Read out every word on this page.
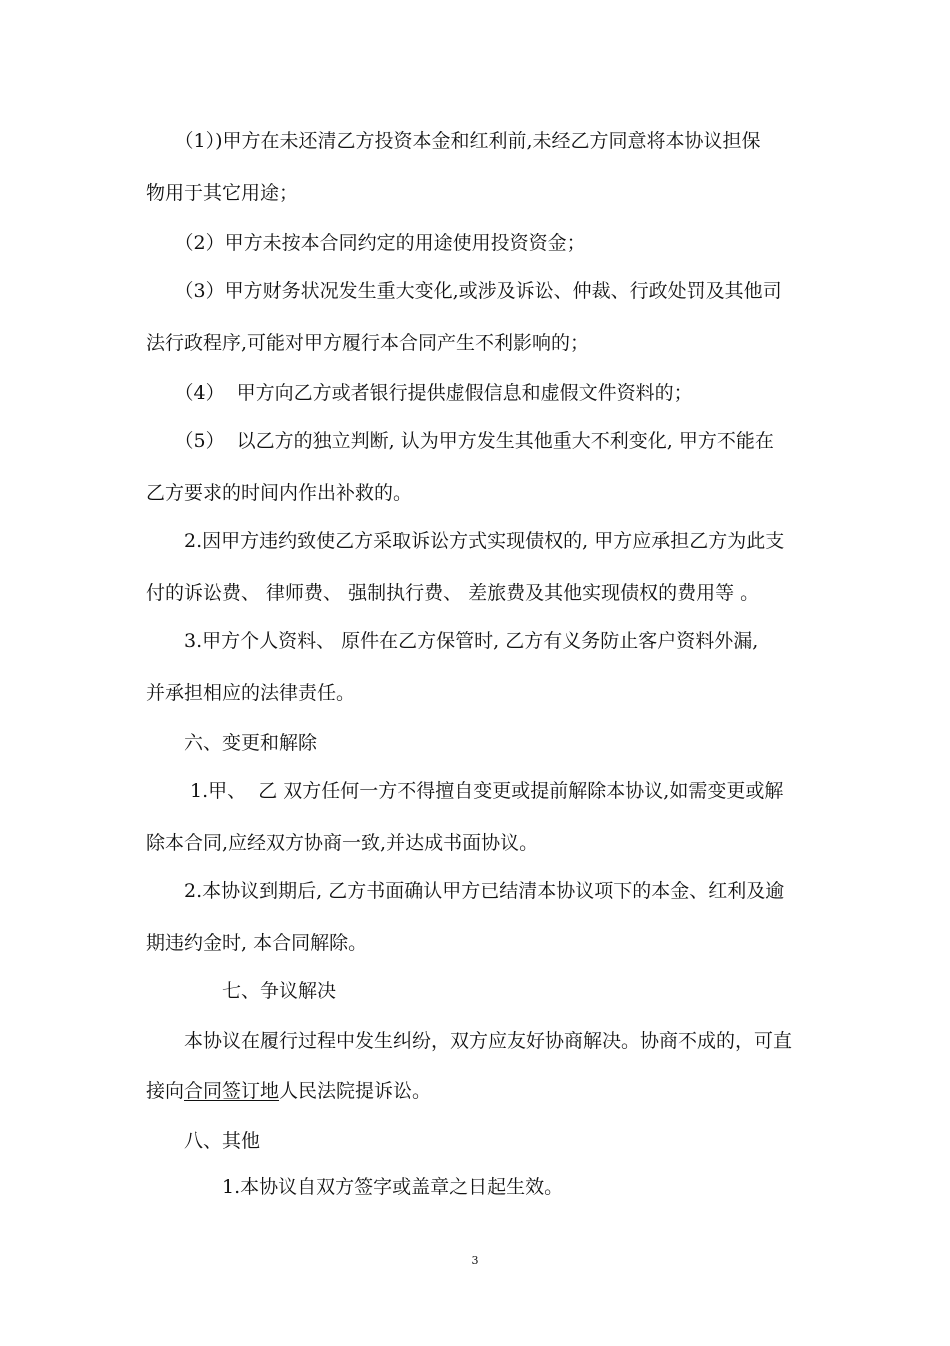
　　（1）)甲方在未还清乙方投资本金和红利前,未经乙方同意将本协议担保
物用于其它用途；
　　（2）甲方未按本合同约定的用途使用投资资金；
　　（3）甲方财务状况发生重大变化,或涉及诉讼、仲裁、行政处罚及其他司
法行政程序,可能对甲方履行本合同产生不利影响的；
　　（4）  甲方向乙方或者银行提供虚假信息和虚假文件资料的；
　　（5）  以乙方的独立判断, 认为甲方发生其他重大不利变化, 甲方不能在
乙方要求的时间内作出补救的。
　　2.因甲方违约致使乙方采取诉讼方式实现债权的, 甲方应承担乙方为此支
付的诉讼费、 律师费、 强制执行费、 差旅费及其他实现债权的费用等 。
　　3.甲方个人资料、 原件在乙方保管时, 乙方有义务防止客户资料外漏,
并承担相应的法律责任。
　　六、变更和解除
　　 1.甲、  乙 双方任何一方不得擅自变更或提前解除本协议,如需变更或解
除本合同,应经双方协商一致,并达成书面协议。
　　2.本协议到期后, 乙方书面确认甲方已结清本协议项下的本金、红利及逾
期违约金时, 本合同解除。
　　　　七、争议解决
　　本协议在履行过程中发生纠纷，双方应友好协商解决。协商不成的，可直
接向合同签订地人民法院提诉讼。
　　八、其他
　　　　1.本协议自双方签字或盖章之日起生效。
3
